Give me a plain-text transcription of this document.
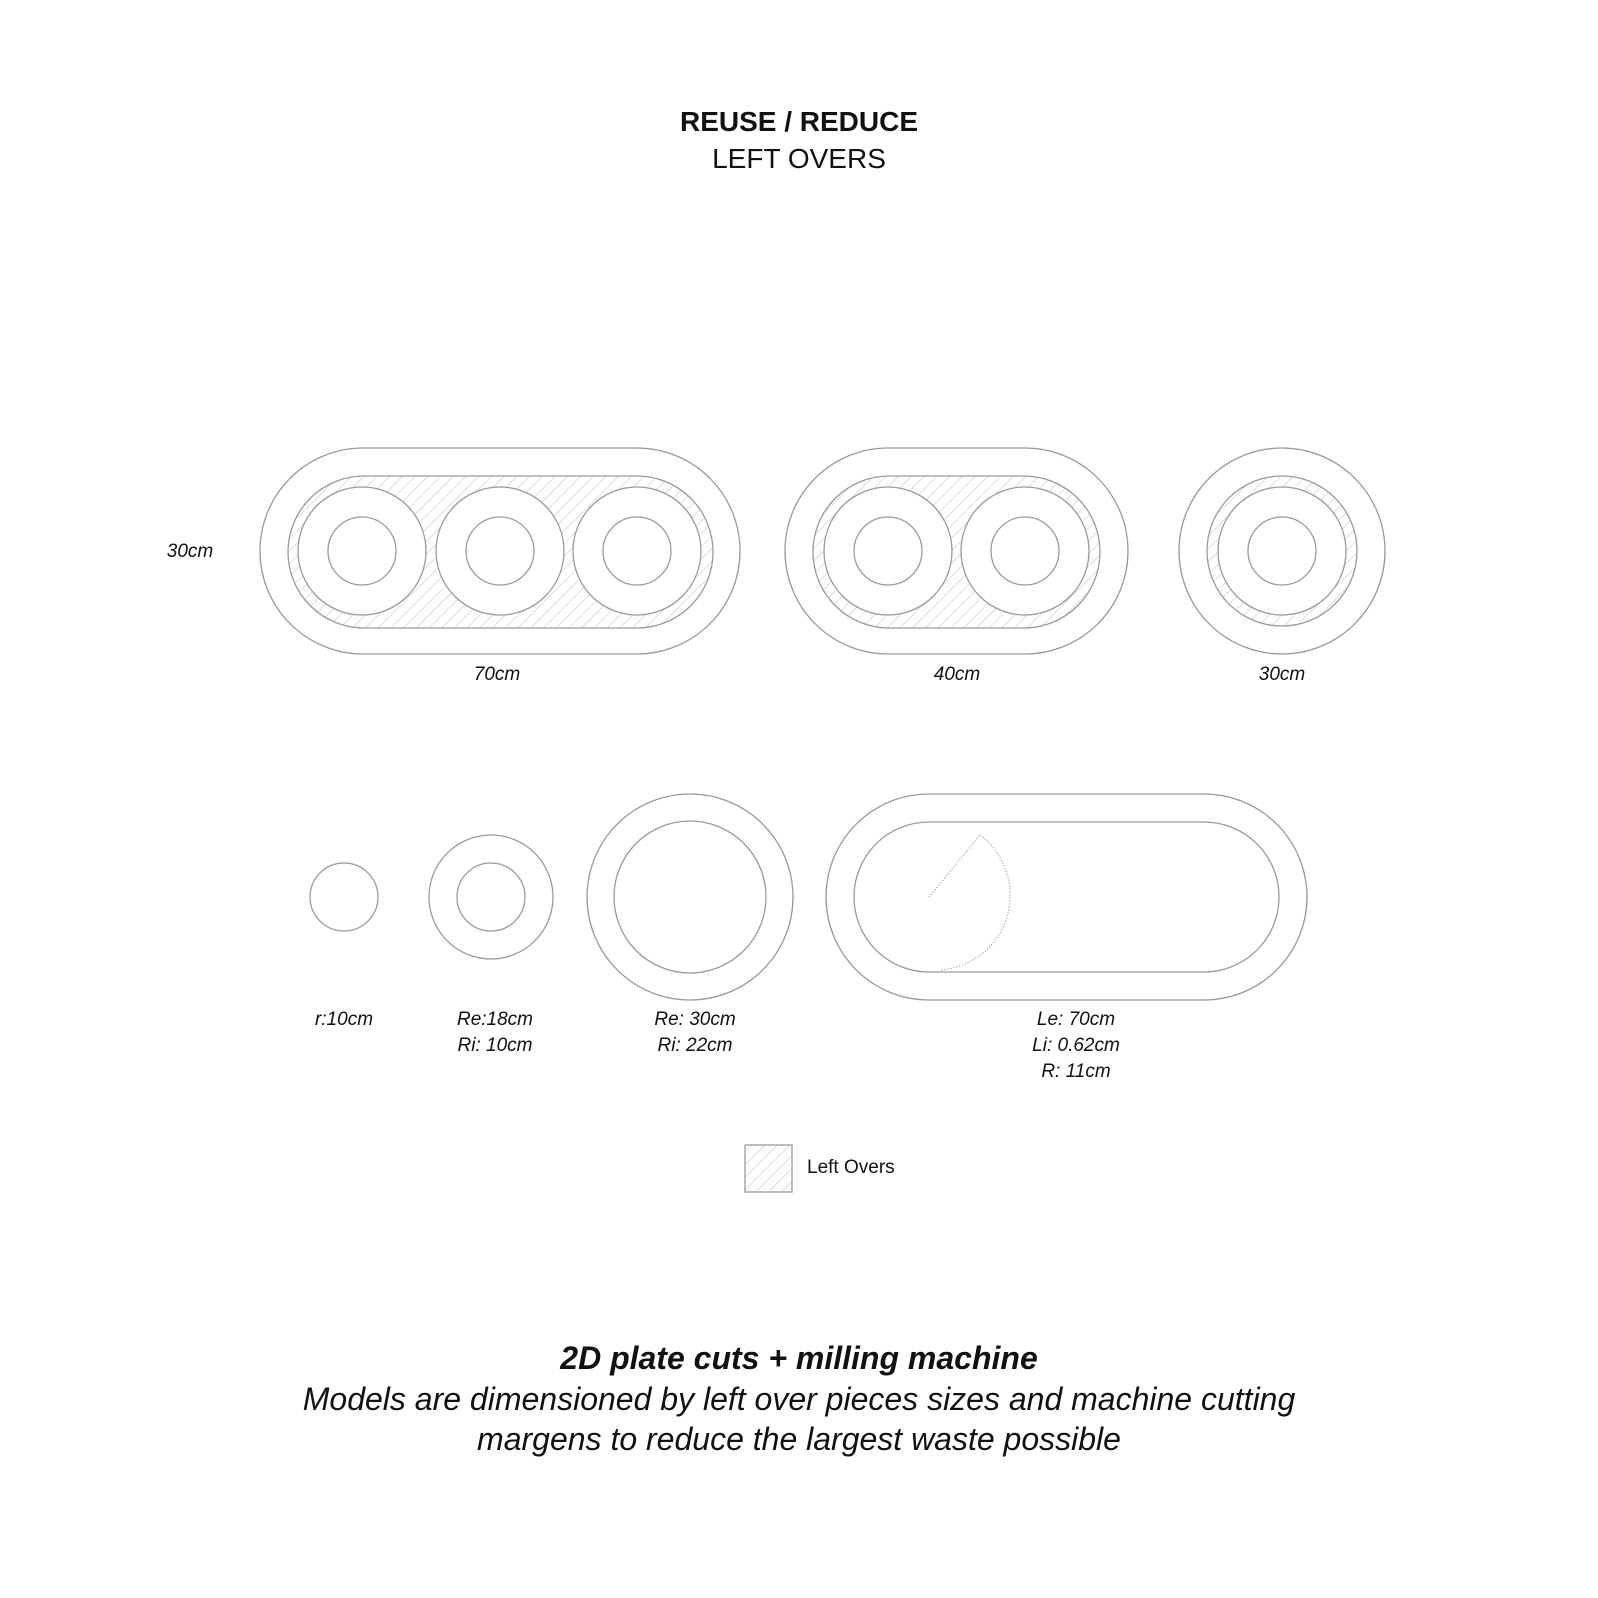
REUSE / REDUCE
LEFT OVERS
30cm
70cm	40cm	30cm
r:10cm	Re:18cm
Ri: 10cm
Re: 30cm
Ri: 22cm
Le: 70cm
Li: 0.62cm
R: 11cm
Left Overs
2D plate cuts + milling machine
Models are dimensioned by left over pieces sizes and machine cutting
margens to reduce the largest waste possible
